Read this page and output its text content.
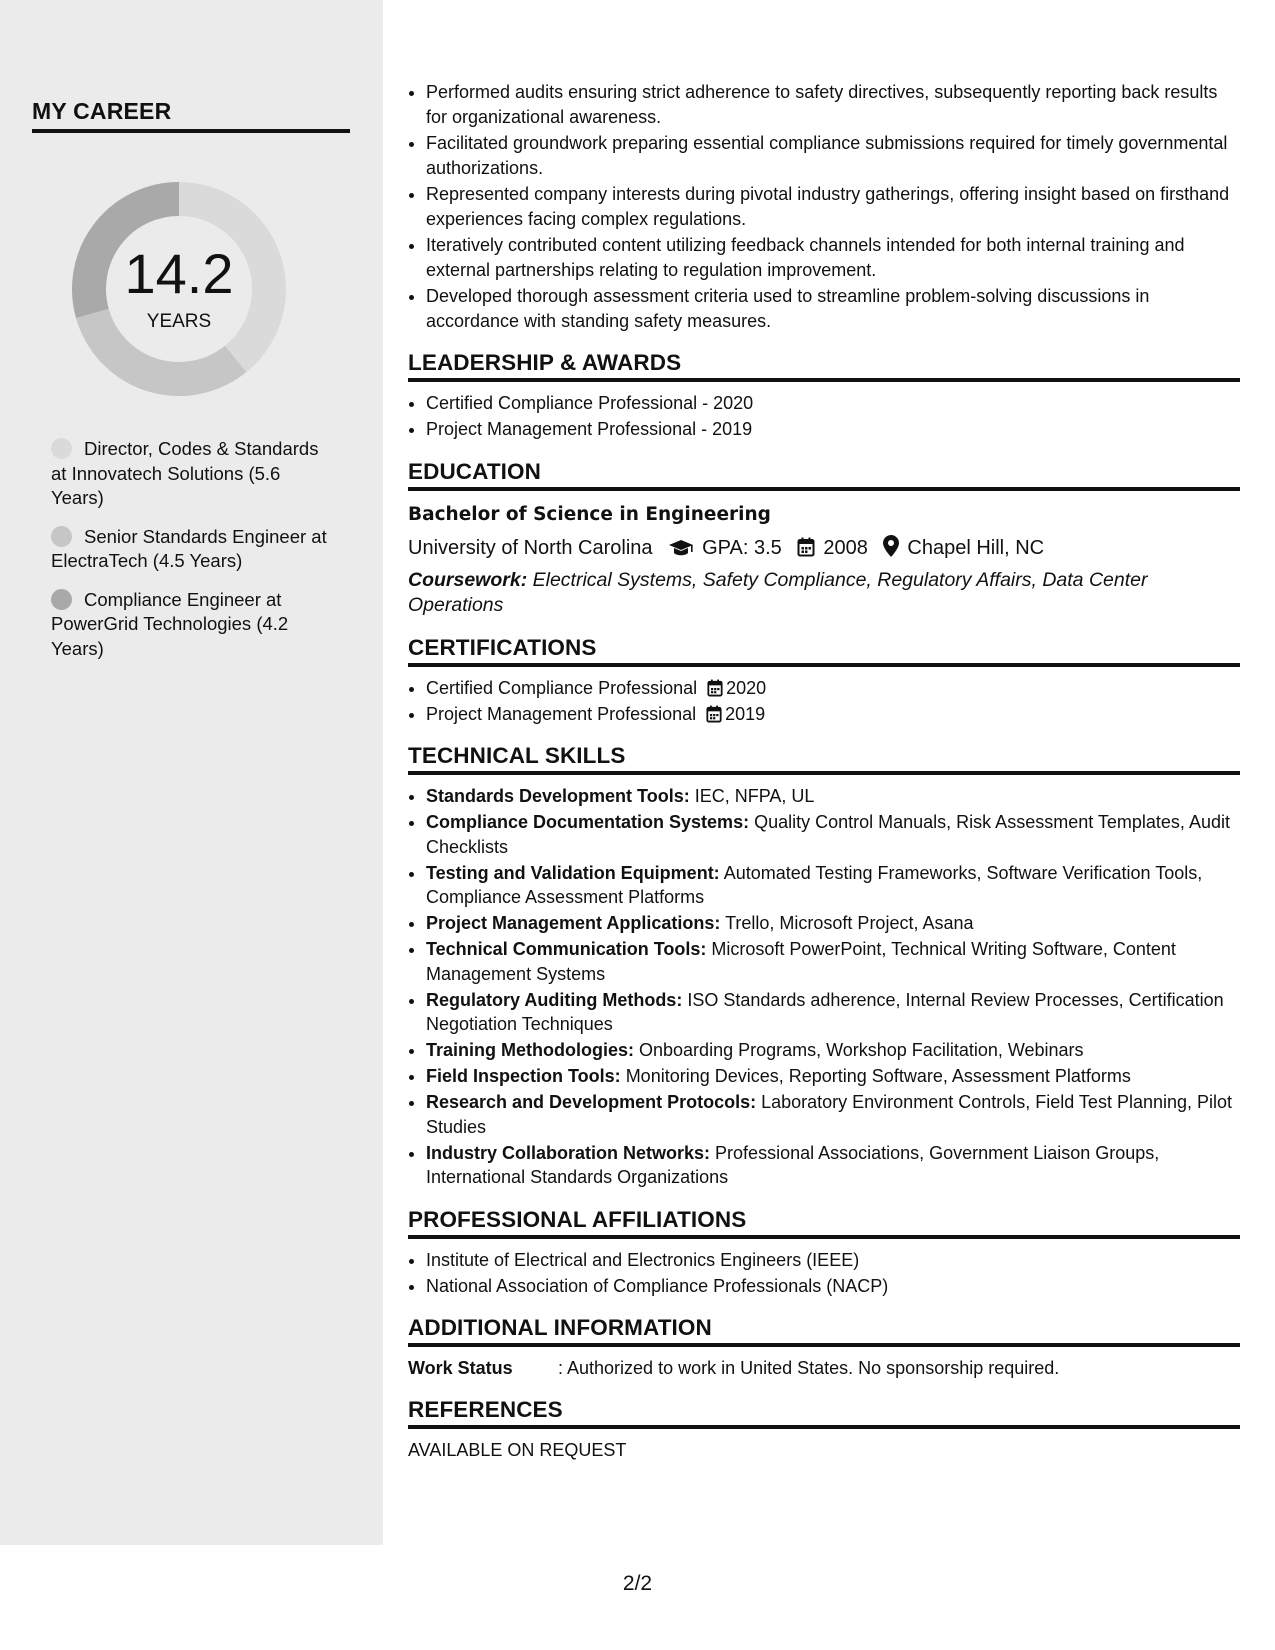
MY CAREER
14.2
YEARS
Director, Codes & Standards at Innovatech Solutions (5.6 Years)
Senior Standards Engineer at ElectraTech (4.5 Years)
Compliance Engineer at PowerGrid Technologies (4.2 Years)
• Performed audits ensuring strict adherence to safety directives, subsequently reporting back results for organizational awareness.
• Facilitated groundwork preparing essential compliance submissions required for timely governmental authorizations.
• Represented company interests during pivotal industry gatherings, offering insight based on firsthand experiences facing complex regulations.
• Iteratively contributed content utilizing feedback channels intended for both internal training and external partnerships relating to regulation improvement.
• Developed thorough assessment criteria used to streamline problem-solving discussions in accordance with standing safety measures.
LEADERSHIP & AWARDS
• Certified Compliance Professional - 2020
• Project Management Professional - 2019
EDUCATION
Bachelor of Science in Engineering
University of North Carolina GPA: 3.5 2008 Chapel Hill, NC
Coursework: Electrical Systems, Safety Compliance, Regulatory Affairs, Data Center Operations
CERTIFICATIONS
• Certified Compliance Professional 2020
• Project Management Professional 2019
TECHNICAL SKILLS
• Standards Development Tools: IEC, NFPA, UL
• Compliance Documentation Systems: Quality Control Manuals, Risk Assessment Templates, Audit Checklists
• Testing and Validation Equipment: Automated Testing Frameworks, Software Verification Tools, Compliance Assessment Platforms
• Project Management Applications: Trello, Microsoft Project, Asana
• Technical Communication Tools: Microsoft PowerPoint, Technical Writing Software, Content Management Systems
• Regulatory Auditing Methods: ISO Standards adherence, Internal Review Processes, Certification Negotiation Techniques
• Training Methodologies: Onboarding Programs, Workshop Facilitation, Webinars
• Field Inspection Tools: Monitoring Devices, Reporting Software, Assessment Platforms
• Research and Development Protocols: Laboratory Environment Controls, Field Test Planning, Pilot Studies
• Industry Collaboration Networks: Professional Associations, Government Liaison Groups, International Standards Organizations
PROFESSIONAL AFFILIATIONS
• Institute of Electrical and Electronics Engineers (IEEE)
• National Association of Compliance Professionals (NACP)
ADDITIONAL INFORMATION
Work Status	: Authorized to work in United States. No sponsorship required.
REFERENCES
AVAILABLE ON REQUEST
2/2
